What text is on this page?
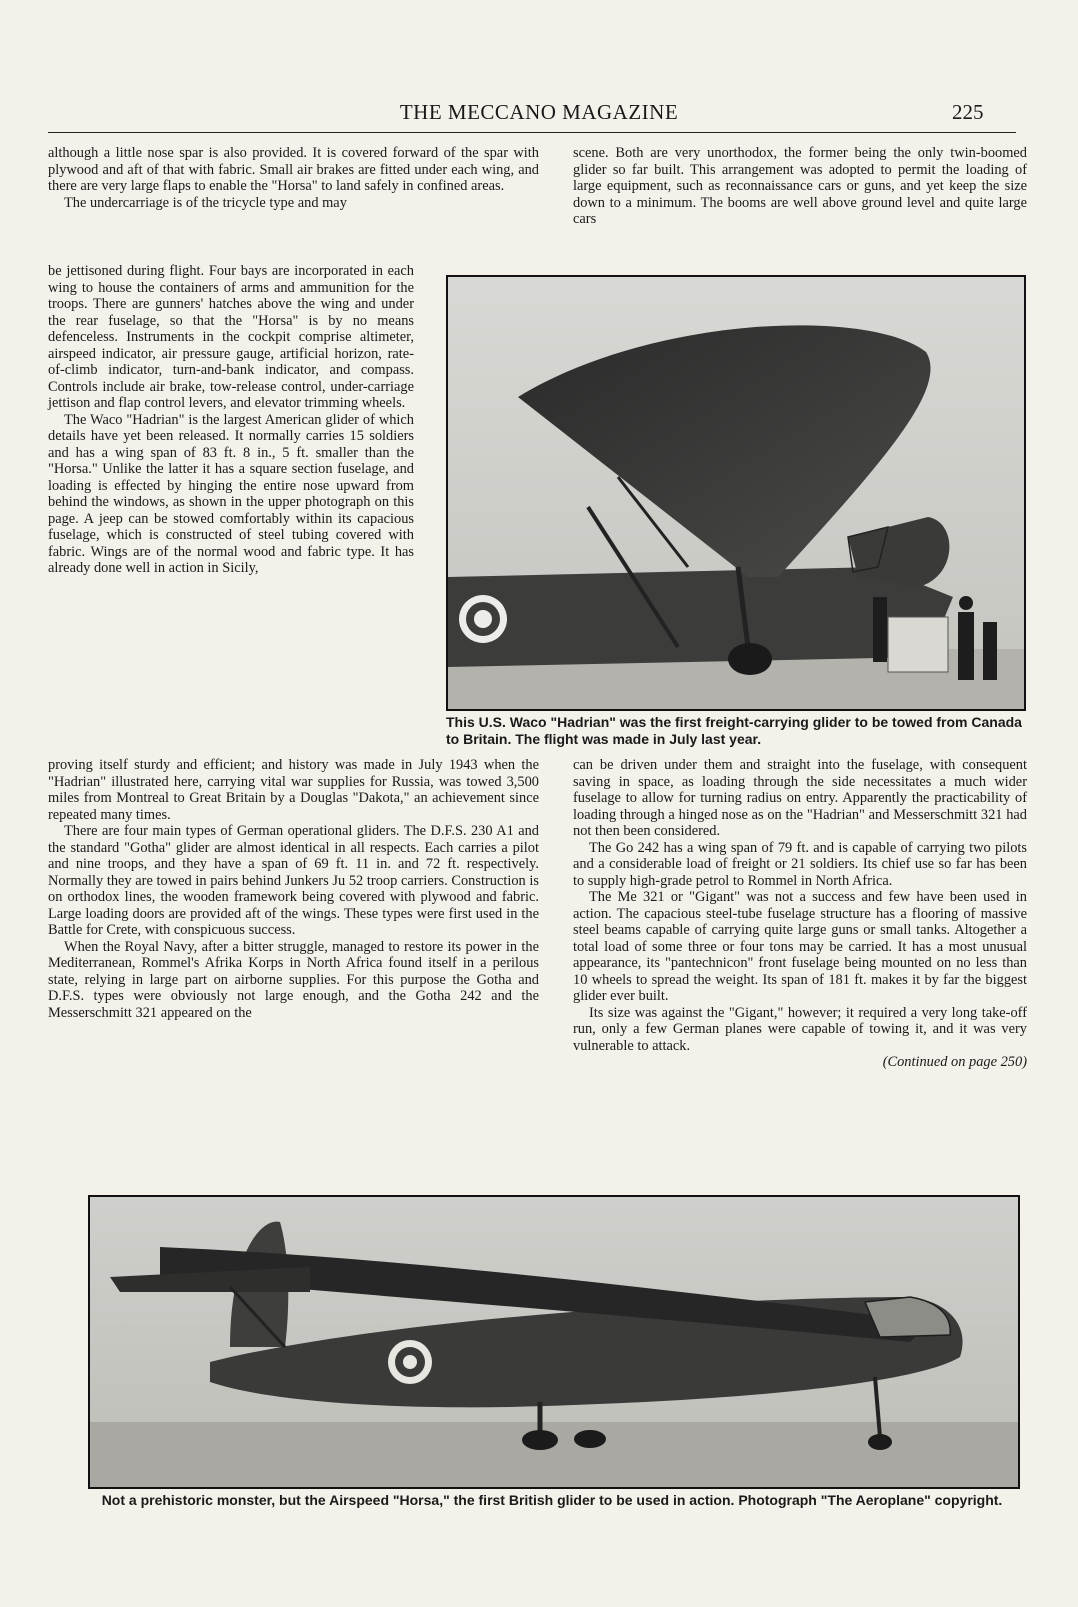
THE MECCANO MAGAZINE	225

although a little nose spar is also provided. It is covered forward of the spar with plywood and aft of that with fabric. Small air brakes are fitted under each wing, and there are very large flaps to enable the "Horsa" to land safely in confined areas.

The undercarriage is of the tricycle type and may

scene. Both are very unorthodox, the former being the only twin-boomed glider so far built. This arrangement was adopted to permit the loading of large equipment, such as reconnaissance cars or guns, and yet keep the size down to a minimum. The booms are well above ground level and quite large cars

be jettisoned during flight. Four bays are incorporated in each wing to house the containers of arms and ammunition for the troops. There are gunners' hatches above the wing and under the rear fuselage, so that the "Horsa" is by no means defenceless. Instruments in the cockpit comprise altimeter, airspeed indicator, air pressure gauge, artificial horizon, rate-of-climb indicator, turn-and-bank indicator, and compass. Controls include air brake, tow-release control, under-carriage jettison and flap control levers, and elevator trimming wheels.

The Waco "Hadrian" is the largest American glider of which details have yet been released. It normally carries 15 soldiers and has a wing span of 83 ft. 8 in., 5 ft. smaller than the "Horsa." Unlike the latter it has a square section fuselage, and loading is effected by hinging the entire nose upward from behind the windows, as shown in the upper photograph on this page. A jeep can be stowed comfortably within its capacious fuselage, which is constructed of steel tubing covered with fabric. Wings are of the normal wood and fabric type. It has already done well in action in Sicily,

This U.S. Waco "Hadrian" was the first freight-carrying glider to be towed from Canada to Britain. The flight was made in July last year.

proving itself sturdy and efficient; and history was made in July 1943 when the "Hadrian" illustrated here, carrying vital war supplies for Russia, was towed 3,500 miles from Montreal to Great Britain by a Douglas "Dakota," an achievement since repeated many times.

There are four main types of German operational gliders. The D.F.S. 230 A1 and the standard "Gotha" glider are almost identical in all respects. Each carries a pilot and nine troops, and they have a span of 69 ft. 11 in. and 72 ft. respectively. Normally they are towed in pairs behind Junkers Ju 52 troop carriers. Construction is on orthodox lines, the wooden framework being covered with plywood and fabric. Large loading doors are provided aft of the wings. These types were first used in the Battle for Crete, with conspicuous success.

When the Royal Navy, after a bitter struggle, managed to restore its power in the Mediterranean, Rommel's Afrika Korps in North Africa found itself in a perilous state, relying in large part on airborne supplies. For this purpose the Gotha and D.F.S. types were obviously not large enough, and the Gotha 242 and the Messerschmitt 321 appeared on the

can be driven under them and straight into the fuselage, with consequent saving in space, as loading through the side necessitates a much wider fuselage to allow for turning radius on entry. Apparently the practicability of loading through a hinged nose as on the "Hadrian" and Messerschmitt 321 had not then been considered.

The Go 242 has a wing span of 79 ft. and is capable of carrying two pilots and a considerable load of freight or 21 soldiers. Its chief use so far has been to supply high-grade petrol to Rommel in North Africa.

The Me 321 or "Gigant" was not a success and few have been used in action. The capacious steel-tube fuselage structure has a flooring of massive steel beams capable of carrying quite large guns or small tanks. Altogether a total load of some three or four tons may be carried. It has a most unusual appearance, its "pantechnicon" front fuselage being mounted on no less than 10 wheels to spread the weight. Its span of 181 ft. makes it by far the biggest glider ever built.

Its size was against the "Gigant," however; it required a very long take-off run, only a few German planes were capable of towing it, and it was very vulnerable to attack.

(Continued on page 250)
Not a prehistoric monster, but the Airspeed "Horsa," the first British glider to be used in action. Photograph "The Aeroplane" copyright.
